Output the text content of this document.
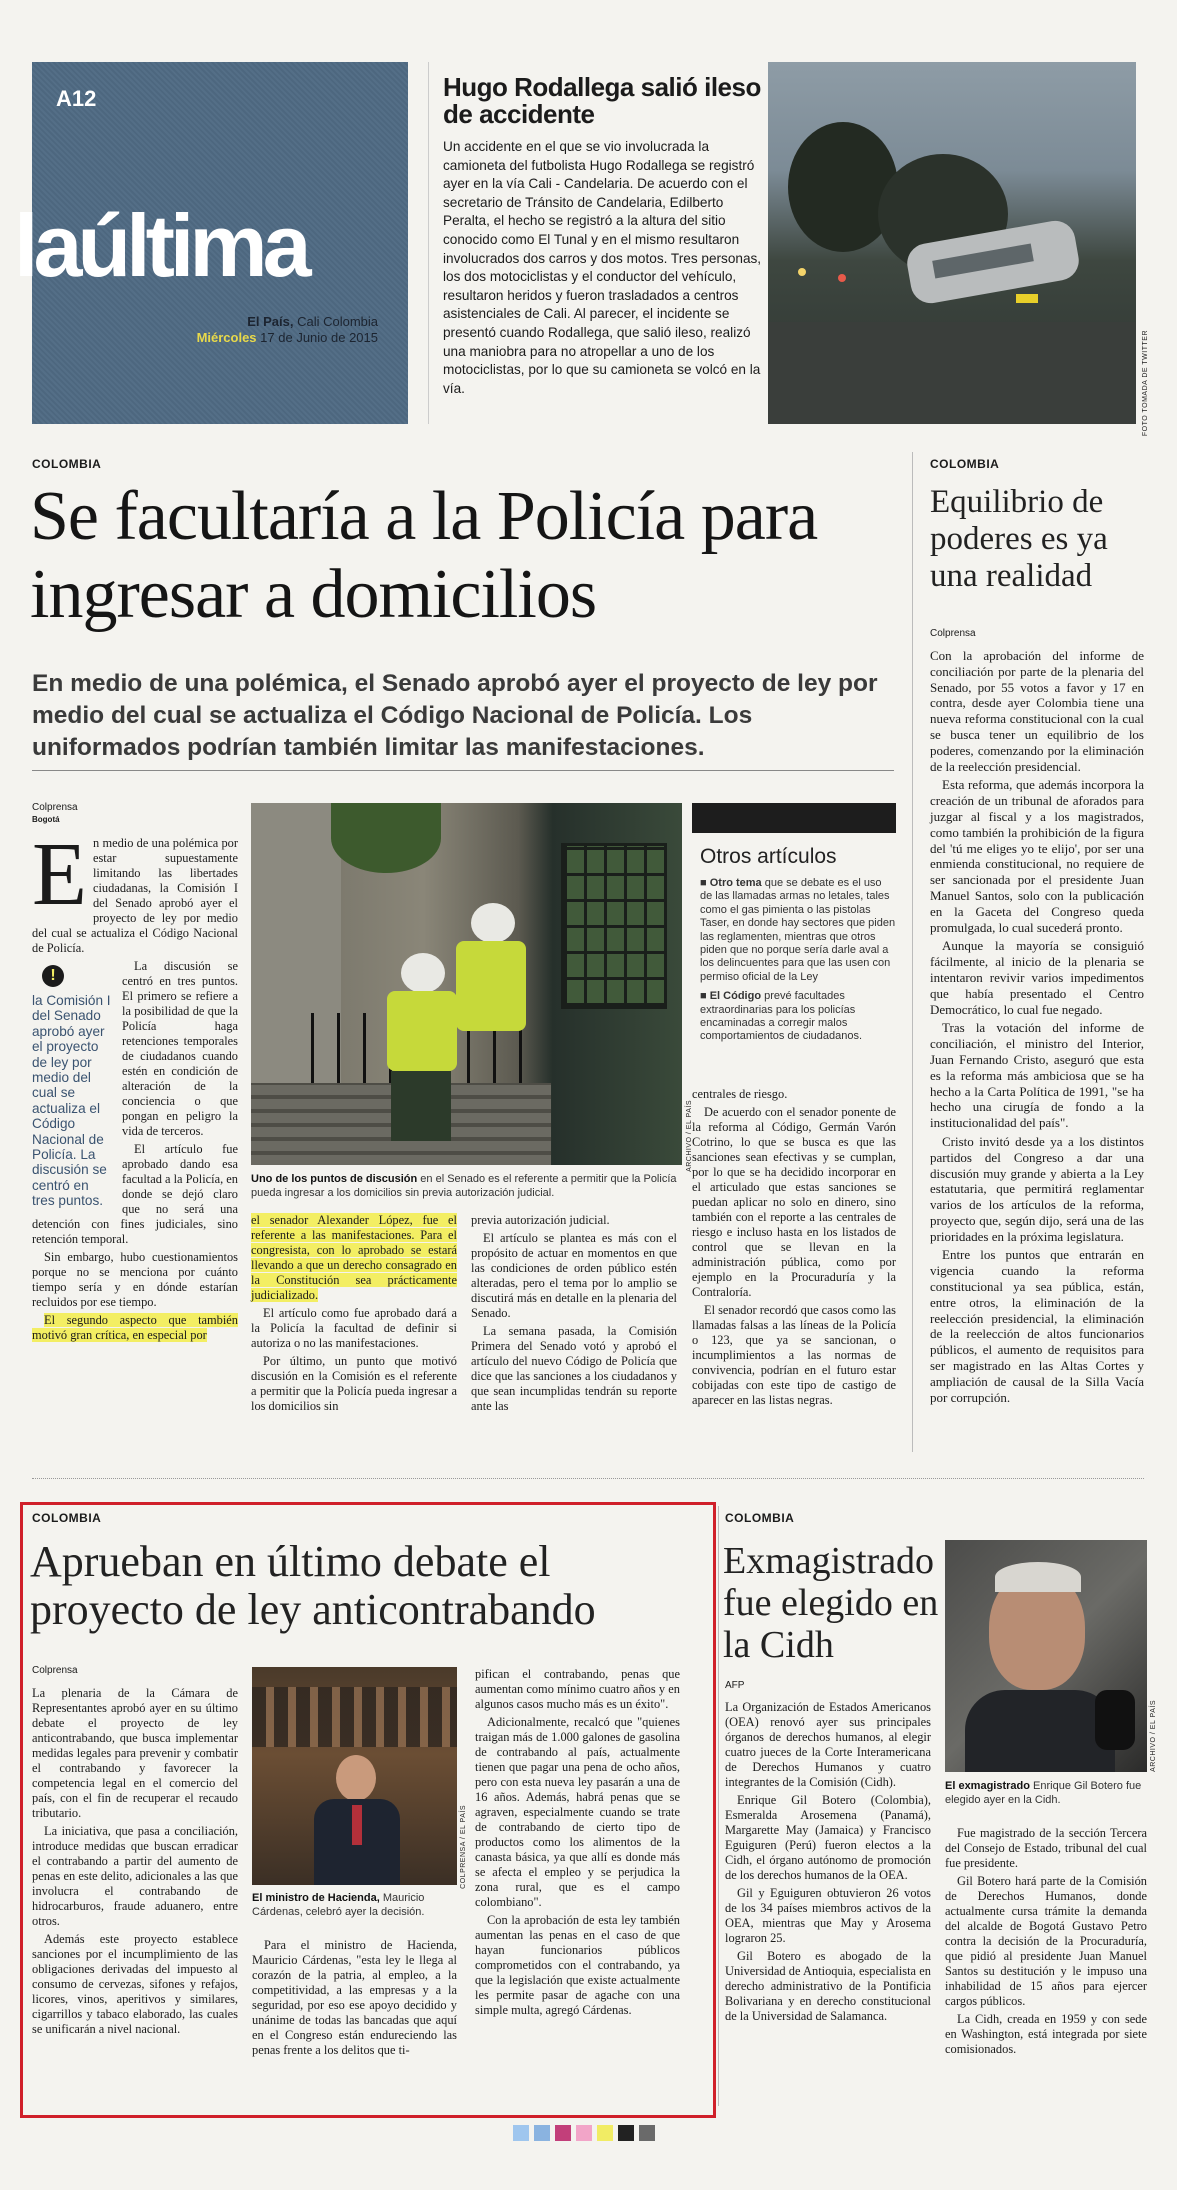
A12
laúltima
El País, Cali Colombia
Miércoles 17 de Junio de 2015
Hugo Rodallega salió ileso de accidente
Un accidente en el que se vio involucrada la camioneta del futbolista Hugo Rodallega se registró ayer en la vía Cali - Candelaria. De acuerdo con el secretario de Tránsito de Candelaria, Edilberto Peralta, el hecho se registró a la altura del sitio conocido como El Tunal y en el mismo resultaron involucrados dos carros y dos motos. Tres personas, los dos motociclistas y el conductor del vehículo, resultaron heridos y fueron trasladados a centros asistenciales de Cali. Al parecer, el incidente se presentó cuando Rodallega, que salió ileso, realizó una maniobra para no atropellar a uno de los motociclistas, por lo que su camioneta se volcó en la vía.	FOTO TOMADA DE TWITTER
COLOMBIA
Se facultaría a la Policía para ingresar a domicilios
En medio de una polémica, el Senado aprobó ayer el proyecto de ley por medio del cual se actualiza el Código Nacional de Policía. Los uniformados podrían también limitar las manifestaciones.
Colprensa
Bogotá
E n medio de una polémica por estar supuestamente limitando las libertades ciudadanas, la Comisión I del Senado aprobó ayer el proyecto de ley por medio del cual se actualiza el Código Nacional de Policía.

!
la Comisión I del Senado aprobó ayer el proyecto de ley por medio del cual se actualiza el Código Nacional de Policía. La discusión se centró en tres puntos.

La discusión se centró en tres puntos. El primero se refiere a la posibilidad de que la Policía haga retenciones temporales de ciudadanos cuando estén en condición de alteración de la conciencia o que pongan en peligro la vida de terceros.

El artículo fue aprobado dando esa facultad a la Policía, en donde se dejó claro que no será una detención con fines judiciales, sino retención temporal.

Sin embargo, hubo cuestionamientos porque no se menciona por cuánto tiempo sería y en dónde estarían recluidos por ese tiempo.

El segundo aspecto que también motivó gran crítica, en especial por

ARCHIVO / EL PAÍS
Uno de los puntos de discusión en el Senado es el referente a permitir que la Policía pueda ingresar a los domicilios sin previa autorización judicial.

el senador Alexander López, fue el referente a las manifestaciones. Para el congresista, con lo aprobado se estará llevando a que un derecho consagrado en la Constitución sea prácticamente judicializado.

El artículo como fue aprobado dará a la Policía la facultad de definir si autoriza o no las manifestaciones.

Por último, un punto que motivó discusión en la Comisión es el referente a permitir que la Policía pueda ingresar a los domicilios sin

previa autorización judicial.

El artículo se plantea es más con el propósito de actuar en momentos en que las condiciones de orden público estén alteradas, pero el tema por lo amplio se discutirá más en detalle en la plenaria del Senado.

La semana pasada, la Comisión Primera del Senado votó y aprobó el artículo del nuevo Código de Policía que dice que las sanciones a los ciudadanos y que sean incumplidas tendrán su reporte ante las

Otros artículos
■ Otro tema que se debate es el uso de las llamadas armas no letales, tales como el gas pimienta o las pistolas Taser, en donde hay sectores que piden las reglamenten, mientras que otros piden que no porque sería darle aval a los delincuentes para que las usen con permiso oficial de la Ley
■ El Código prevé facultades extraordinarias para los policías encaminadas a corregir malos comportamientos de ciudadanos.

centrales de riesgo.

De acuerdo con el senador ponente de la reforma al Código, Germán Varón Cotrino, lo que se busca es que las sanciones sean efectivas y se cumplan, por lo que se ha decidido incorporar en el articulado que estas sanciones se puedan aplicar no solo en dinero, sino también con el reporte a las centrales de riesgo e incluso hasta en los listados de control que se llevan en la administración pública, como por ejemplo en la Procuraduría y la Contraloría.

El senador recordó que casos como las llamadas falsas a las líneas de la Policía o 123, que ya se sancionan, o incumplimientos a las normas de convivencia, podrían en el futuro estar cobijadas con este tipo de castigo de aparecer en las listas negras.

COLOMBIA
Equilibrio de poderes es ya una realidad
Colprensa

Con la aprobación del informe de conciliación por parte de la plenaria del Senado, por 55 votos a favor y 17 en contra, desde ayer Colombia tiene una nueva reforma constitucional con la cual se busca tener un equilibrio de los poderes, comenzando por la eliminación de la reelección presidencial.

Esta reforma, que además incorpora la creación de un tribunal de aforados para juzgar al fiscal y a los magistrados, como también la prohibición de la figura del 'tú me eliges yo te elijo', por ser una enmienda constitucional, no requiere de ser sancionada por el presidente Juan Manuel Santos, solo con la publicación en la Gaceta del Congreso queda promulgada, lo cual sucederá pronto.

Aunque la mayoría se consiguió fácilmente, al inicio de la plenaria se intentaron revivir varios impedimentos que había presentado el Centro Democrático, lo cual fue negado.

Tras la votación del informe de conciliación, el ministro del Interior, Juan Fernando Cristo, aseguró que esta es la reforma más ambiciosa que se ha hecho a la Carta Política de 1991, "se ha hecho una cirugía de fondo a la institucionalidad del país".

Cristo invitó desde ya a los distintos partidos del Congreso a dar una discusión muy grande y abierta a la Ley estatutaria, que permitirá reglamentar varios de los artículos de la reforma, proyecto que, según dijo, será una de las prioridades en la próxima legislatura.

Entre los puntos que entrarán en vigencia cuando la reforma constitucional ya sea pública, están, entre otros, la eliminación de la reelección presidencial, la eliminación de la reelección de altos funcionarios públicos, el aumento de requisitos para ser magistrado en las Altas Cortes y ampliación de causal de la Silla Vacía por corrupción.

COLOMBIA
Aprueban en último debate el proyecto de ley anticontrabando
Colprensa

La plenaria de la Cámara de Representantes aprobó ayer en su último debate el proyecto de ley anticontrabando, que busca implementar medidas legales para prevenir y combatir el contrabando y favorecer la competencia legal en el comercio del país, con el fin de recuperar el recaudo tributario.

La iniciativa, que pasa a conciliación, introduce medidas que buscan erradicar el contrabando a partir del aumento de penas en este delito, adicionales a las que involucra el contrabando de hidrocarburos, fraude aduanero, entre otros.

Además este proyecto establece sanciones por el incumplimiento de las obligaciones derivadas del impuesto al consumo de cervezas, sifones y refajos, licores, vinos, aperitivos y similares, cigarrillos y tabaco elaborado, las cuales se unificarán a nivel nacional.

COLPRENSA / EL PAÍS
El ministro de Hacienda, Mauricio Cárdenas, celebró ayer la decisión.

Para el ministro de Hacienda, Mauricio Cárdenas, "esta ley le llega al corazón de la patria, al empleo, a la competitividad, a las empresas y a la seguridad, por eso ese apoyo decidido y unánime de todas las bancadas que aquí en el Congreso están endureciendo las penas frente a los delitos que ti-

pifican el contrabando, penas que aumentan como mínimo cuatro años y en algunos casos mucho más es un éxito".

Adicionalmente, recalcó que "quienes traigan más de 1.000 galones de gasolina de contrabando al país, actualmente tienen que pagar una pena de ocho años, pero con esta nueva ley pasarán a una de 16 años. Además, habrá penas que se agraven, especialmente cuando se trate de contrabando de cierto tipo de productos como los alimentos de la canasta básica, ya que allí es donde más se afecta el empleo y se perjudica la zona rural, que es el campo colombiano".

Con la aprobación de esta ley también aumentan las penas en el caso de que hayan funcionarios públicos comprometidos con el contrabando, ya que la legislación que existe actualmente les permite pasar de agache con una simple multa, agregó Cárdenas.

COLOMBIA
Exmagistrado fue elegido en la Cidh
AFP

La Organización de Estados Americanos (OEA) renovó ayer sus principales órganos de derechos humanos, al elegir cuatro jueces de la Corte Interamericana de Derechos Humanos y cuatro integrantes de la Comisión (Cidh).

Enrique Gil Botero (Colombia), Esmeralda Arosemena (Panamá), Margarette May (Jamaica) y Francisco Eguiguren (Perú) fueron electos a la Cidh, el órgano autónomo de promoción de los derechos humanos de la OEA.

Gil y Eguiguren obtuvieron 26 votos de los 34 países miembros activos de la OEA, mientras que May y Arosema lograron 25.

Gil Botero es abogado de la Universidad de Antioquia, especialista en derecho administrativo de la Pontificia Bolivariana y en derecho constitucional de la Universidad de Salamanca.

ARCHIVO / EL PAÍS
El exmagistrado Enrique Gil Botero fue elegido ayer en la Cidh.

Fue magistrado de la sección Tercera del Consejo de Estado, tribunal del cual fue presidente.

Gil Botero hará parte de la Comisión de Derechos Humanos, donde actualmente cursa trámite la demanda del alcalde de Bogotá Gustavo Petro contra la decisión de la Procuraduría, que pidió al presidente Juan Manuel Santos su destitución y le impuso una inhabilidad de 15 años para ejercer cargos públicos.

La Cidh, creada en 1959 y con sede en Washington, está integrada por siete comisionados.
